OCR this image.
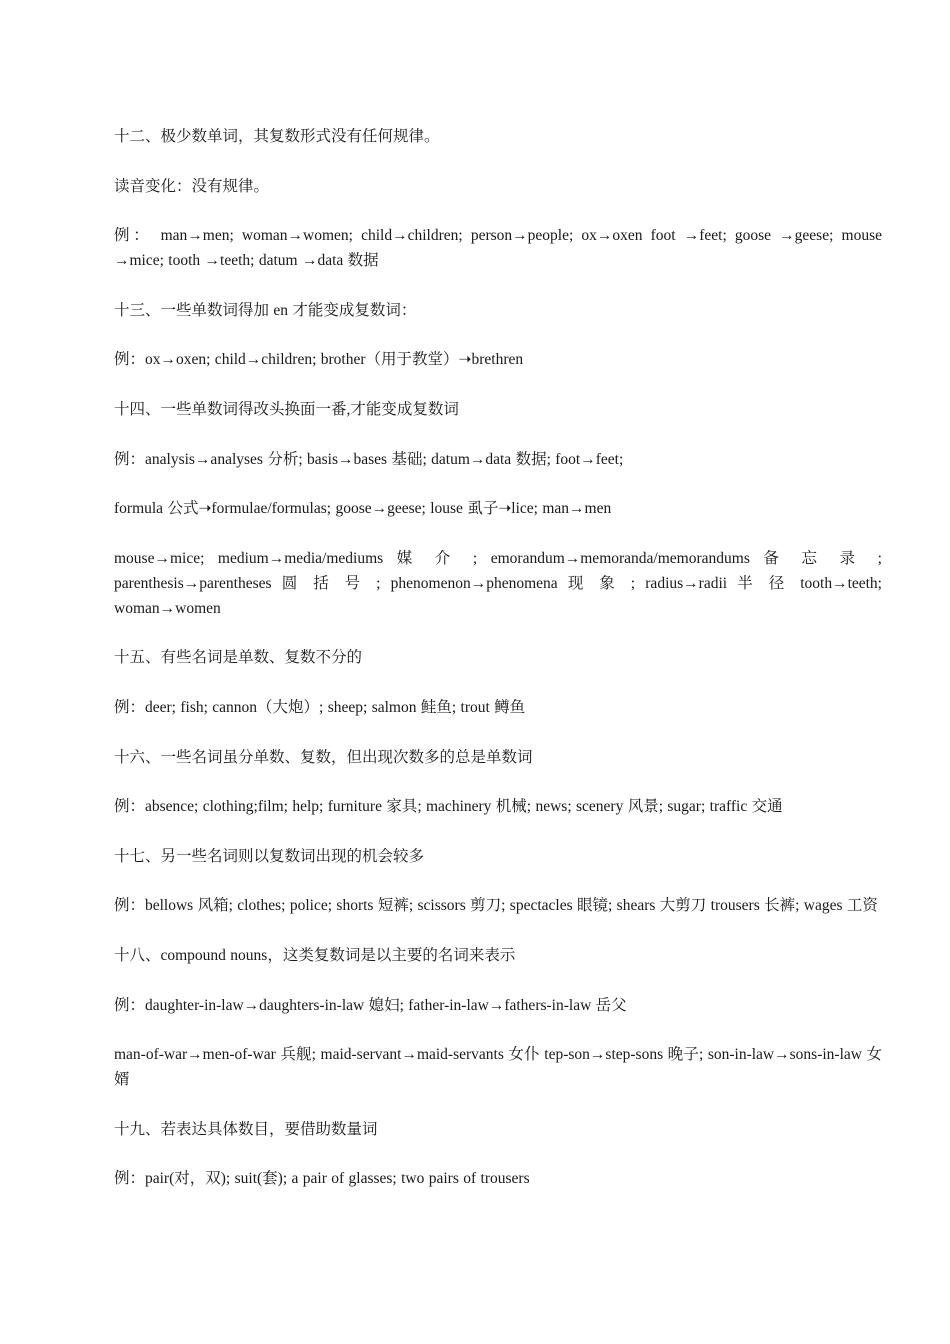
十二、极少数单词，其复数形式没有任何规律。

读音变化：没有规律。

例： man→men; woman→women; child→children; person→people; ox→oxen foot →feet; goose →geese; mouse →mice; tooth →teeth; datum →data 数据

十三、一些单数词得加 en 才能变成复数词：

例：ox→oxen; child→children; brother（用于教堂）➝brethren

十四、一些单数词得改头换面一番,才能变成复数词

例：analysis→analyses 分析; basis→bases 基础; datum→data 数据; foot→feet;

formula 公式➝formulae/formulas; goose→geese; louse 虱子➝lice; man→men

mouse→mice; medium→media/mediums 媒 介 ; emorandum→memoranda/memorandums 备 忘 录 ; parenthesis→parentheses 圆 括 号 ; phenomenon→phenomena 现 象 ; radius→radii 半 径 tooth→teeth; woman→women

十五、有些名词是单数、复数不分的

例：deer; fish; cannon（大炮）; sheep; salmon 鲑鱼; trout 鳟鱼

十六、一些名词虽分单数、复数，但出现次数多的总是单数词

例：absence; clothing;film; help; furniture 家具; machinery 机械; news; scenery 风景; sugar; traffic 交通

十七、另一些名词则以复数词出现的机会较多

例：bellows 风箱; clothes; police; shorts 短裤; scissors 剪刀; spectacles 眼镜; shears 大剪刀 trousers 长裤; wages 工资

十八、compound nouns，这类复数词是以主要的名词来表示

例：daughter-in-law→daughters-in-law 媳妇; father-in-law→fathers-in-law 岳父

man-of-war→men-of-war 兵舰; maid-servant→maid-servants 女仆 tep-son→step-sons 晚子; son-in-law→sons-in-law 女婿

十九、若表达具体数目，要借助数量词

例：pair(对，双); suit(套); a pair of glasses; two pairs of trousers
